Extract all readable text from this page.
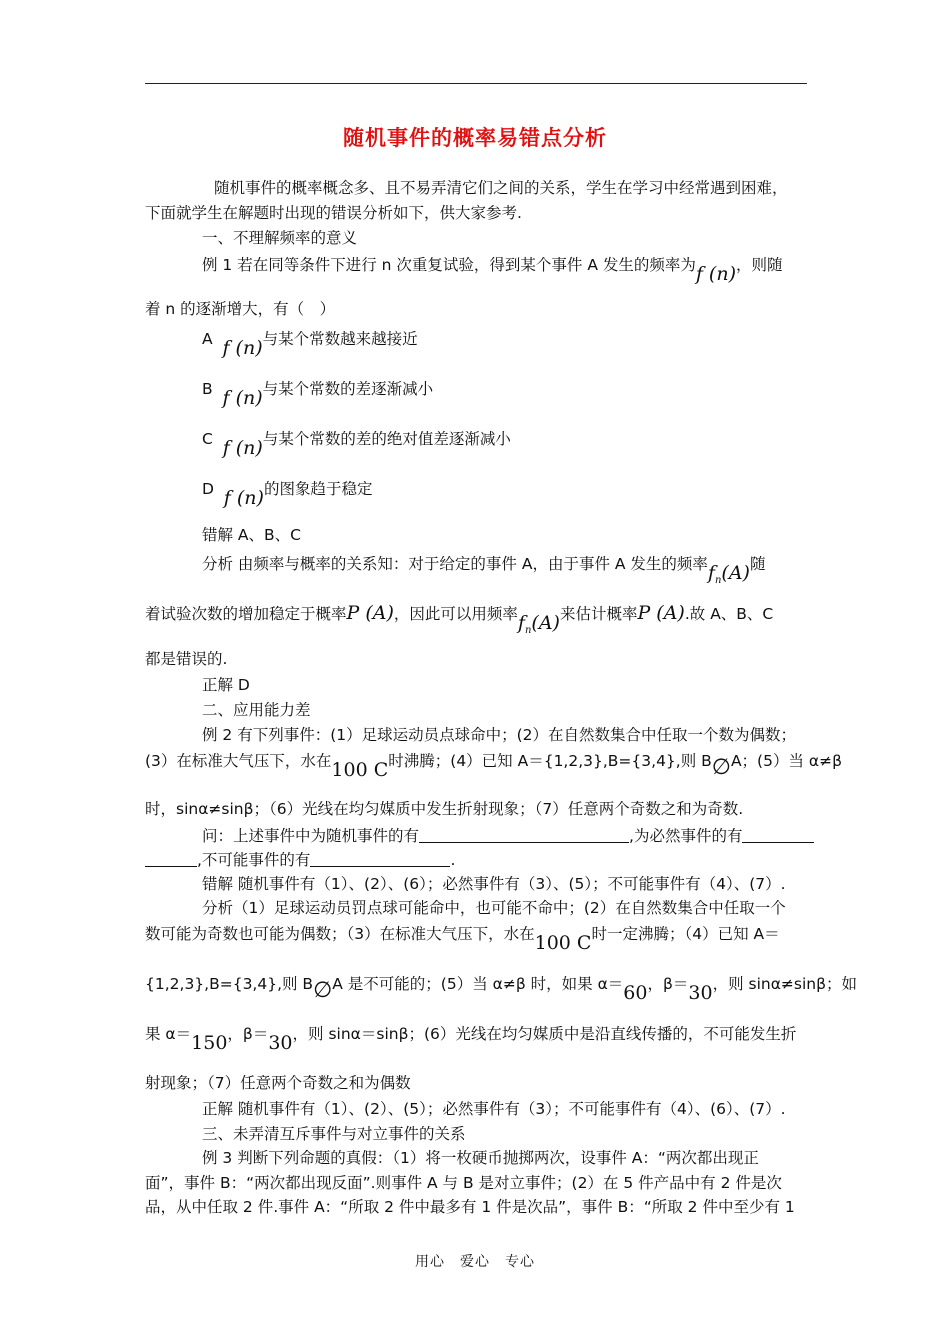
随机事件的概率易错点分析
随机事件的概率概念多、且不易弄清它们之间的关系，学生在学习中经常遇到困难，
下面就学生在解题时出现的错误分析如下，供大家参考.
一、不理解频率的意义
例 1 若在同等条件下进行 n 次重复试验，得到某个事件 A 发生的频率为f (n)，则随
着 n 的逐渐增大，有（　）
A f (n)与某个常数越来越接近
B f (n)与某个常数的差逐渐减小
C f (n)与某个常数的差的绝对值差逐渐减小
D f (n)的图象趋于稳定
错解 A、B、C
分析 由频率与概率的关系知：对于给定的事件 A，由于事件 A 发生的频率$f_n(A)$随
着试验次数的增加稳定于概率P (A)，因此可以用频率$f_n(A)$来估计概率P (A).故 A、B、C
都是错误的.
正解 D
二、应用能力差
例 2 有下列事件：(1）足球运动员点球命中；(2）在自然数集合中任取一个数为偶数；
(3）在标准大气压下，水在100 C时沸腾；(4）已知 A＝{1,2,3},B={3,4},则 B∅A；(5）当 α≠β
时，sinα≠sinβ；（6）光线在均匀媒质中发生折射现象；（7）任意两个奇数之和为奇数.
问：上述事件中为随机事件的有	,为必然事件的有
,不可能事件的有	.
错解 随机事件有（1）、(2）、(6）；必然事件有（3）、(5）；不可能事件有（4）、(7）.
分析（1）足球运动员罚点球可能命中，也可能不命中；(2）在自然数集合中任取一个
数可能为奇数也可能为偶数；（3）在标准大气压下，水在100 C时一定沸腾；（4）已知 A＝
{1,2,3},B={3,4},则 B∅A 是不可能的；(5）当 α≠β 时，如果 α＝60，β＝30，则 sinα≠sinβ；如
果 α＝150，β＝30，则 sinα＝sinβ；(6）光线在均匀媒质中是沿直线传播的，不可能发生折
射现象；（7）任意两个奇数之和为偶数
正解 随机事件有（1）、(2）、(5）；必然事件有（3）；不可能事件有（4）、(6）、(7）.
三、未弄清互斥事件与对立事件的关系
例 3 判断下列命题的真假：（1）将一枚硬币抛掷两次，设事件 A：“两次都出现正
面”，事件 B：“两次都出现反面”.则事件 A 与 B 是对立事件；(2）在 5 件产品中有 2 件是次
品，从中任取 2 件.事件 A：“所取 2 件中最多有 1 件是次品”，事件 B：“所取 2 件中至少有 1
用心　爱心　专心
